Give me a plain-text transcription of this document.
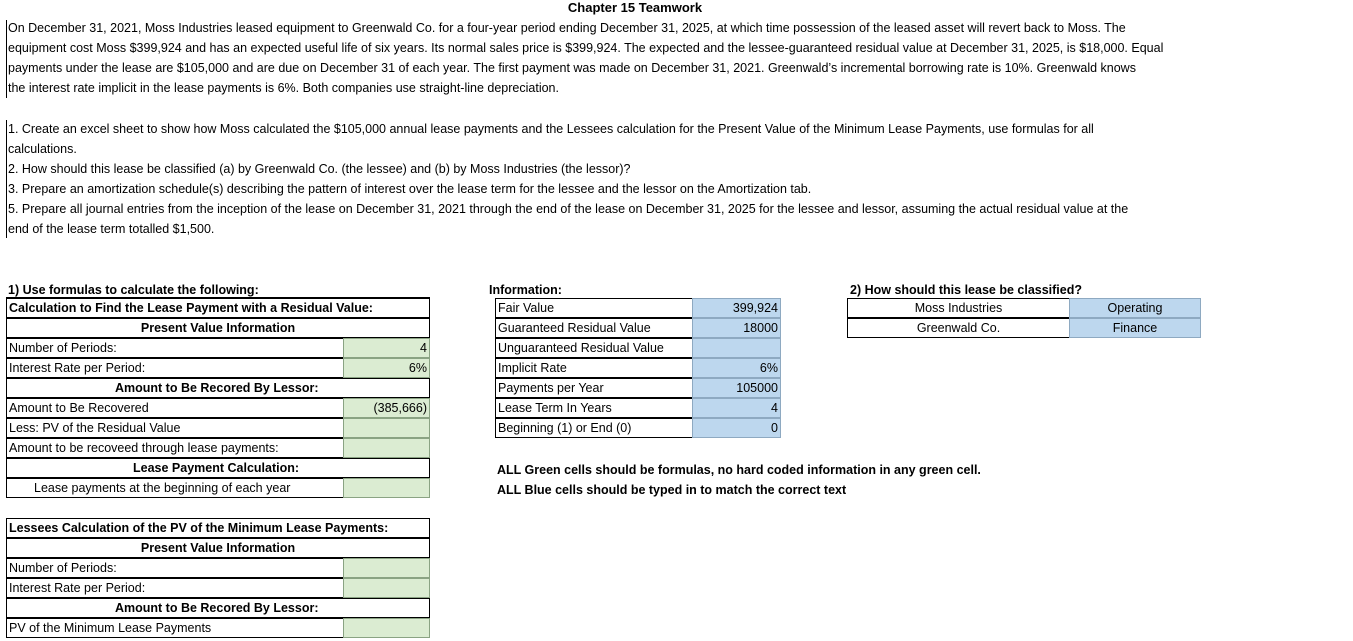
Chapter 15 Teamwork
On December 31, 2021, Moss Industries leased equipment to Greenwald Co. for a four-year period ending December 31, 2025, at which time possession of the leased asset will revert back to Moss. The
equipment cost Moss $399,924 and has an expected useful life of six years. Its normal sales price is $399,924. The expected and the lessee-guaranteed residual value at December 31, 2025, is $18,000. Equal
payments under the lease are $105,000 and are due on December 31 of each year. The first payment was made on December 31, 2021. Greenwald’s incremental borrowing rate is 10%. Greenwald knows
the interest rate implicit in the lease payments is 6%. Both companies use straight-line depreciation.
1. Create an excel sheet to show how Moss calculated the $105,000 annual lease payments and the Lessees calculation for the Present Value of the Minimum Lease Payments, use formulas for all
calculations.
2. How should this lease be classified (a) by Greenwald Co. (the lessee) and (b) by Moss Industries (the lessor)?
3. Prepare an amortization schedule(s) describing the pattern of interest over the lease term for the lessee and the lessor on the Amortization tab.
5. Prepare all journal entries from the inception of the lease on December 31, 2021 through the end of the lease on December 31, 2025 for the lessee and lessor, assuming the actual residual value at the
end of the lease term totalled $1,500.
1) Use formulas to calculate the following:
Calculation to Find the Lease Payment with a Residual Value:
Present Value Information
Number of Periods:	4
Interest Rate per Period:	6%
Amount to Be Recored By Lessor:
Amount to Be Recovered	(385,666)
Less: PV of the Residual Value
Amount to be recoveed through lease payments:
Lease Payment Calculation:
Lease payments at the beginning of each year
Lessees Calculation of the PV of the Minimum Lease Payments:
Present Value Information
Number of Periods:
Interest Rate per Period:
Amount to Be Recored By Lessor:
PV of the Minimum Lease Payments
Information:
Fair Value	399,924
Guaranteed Residual Value	18000
Unguaranteed Residual Value
Implicit Rate	6%
Payments per Year	105000
Lease Term In Years	4
Beginning (1) or End (0)	0
ALL Green cells should be formulas, no hard coded information in any green cell.
ALL Blue cells should be typed in to match the correct text
2) How should this lease be classified?
Moss Industries	Operating
Greenwald Co.	Finance
